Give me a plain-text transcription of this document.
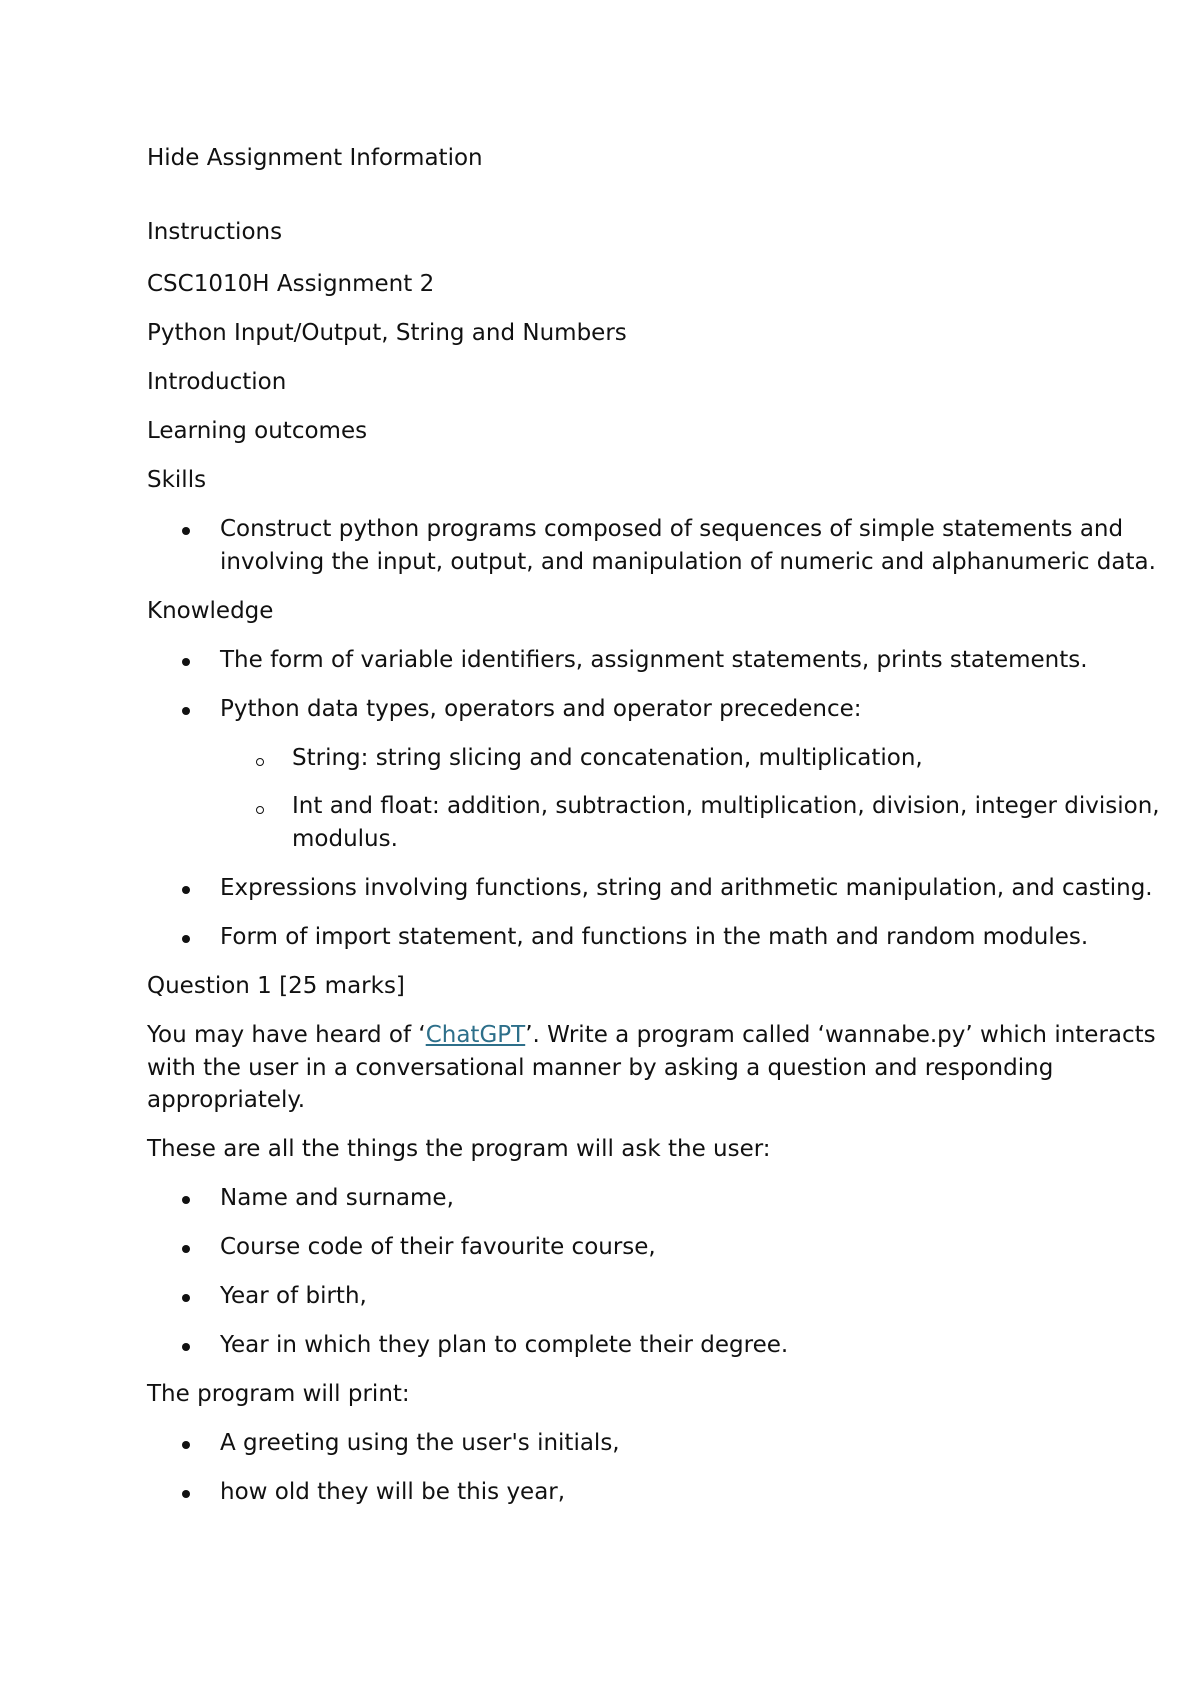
Hide Assignment Information
Instructions
CSC1010H Assignment 2
Python Input/Output, String and Numbers
Introduction
Learning outcomes
Skills
Construct python programs composed of sequences of simple statements and
involving the input, output, and manipulation of numeric and alphanumeric data.
Knowledge
The form of variable identifiers, assignment statements, prints statements.
Python data types, operators and operator precedence:
String: string slicing and concatenation, multiplication,
Int and float: addition, subtraction, multiplication, division, integer division,
modulus.
Expressions involving functions, string and arithmetic manipulation, and casting.
Form of import statement, and functions in the math and random modules.
Question 1 [25 marks]
You may have heard of ‘ChatGPT’. Write a program called ‘wannabe.py’ which interacts
with the user in a conversational manner by asking a question and responding
appropriately.
These are all the things the program will ask the user:
Name and surname,
Course code of their favourite course,
Year of birth,
Year in which they plan to complete their degree.
The program will print:
A greeting using the user's initials,
how old they will be this year,
